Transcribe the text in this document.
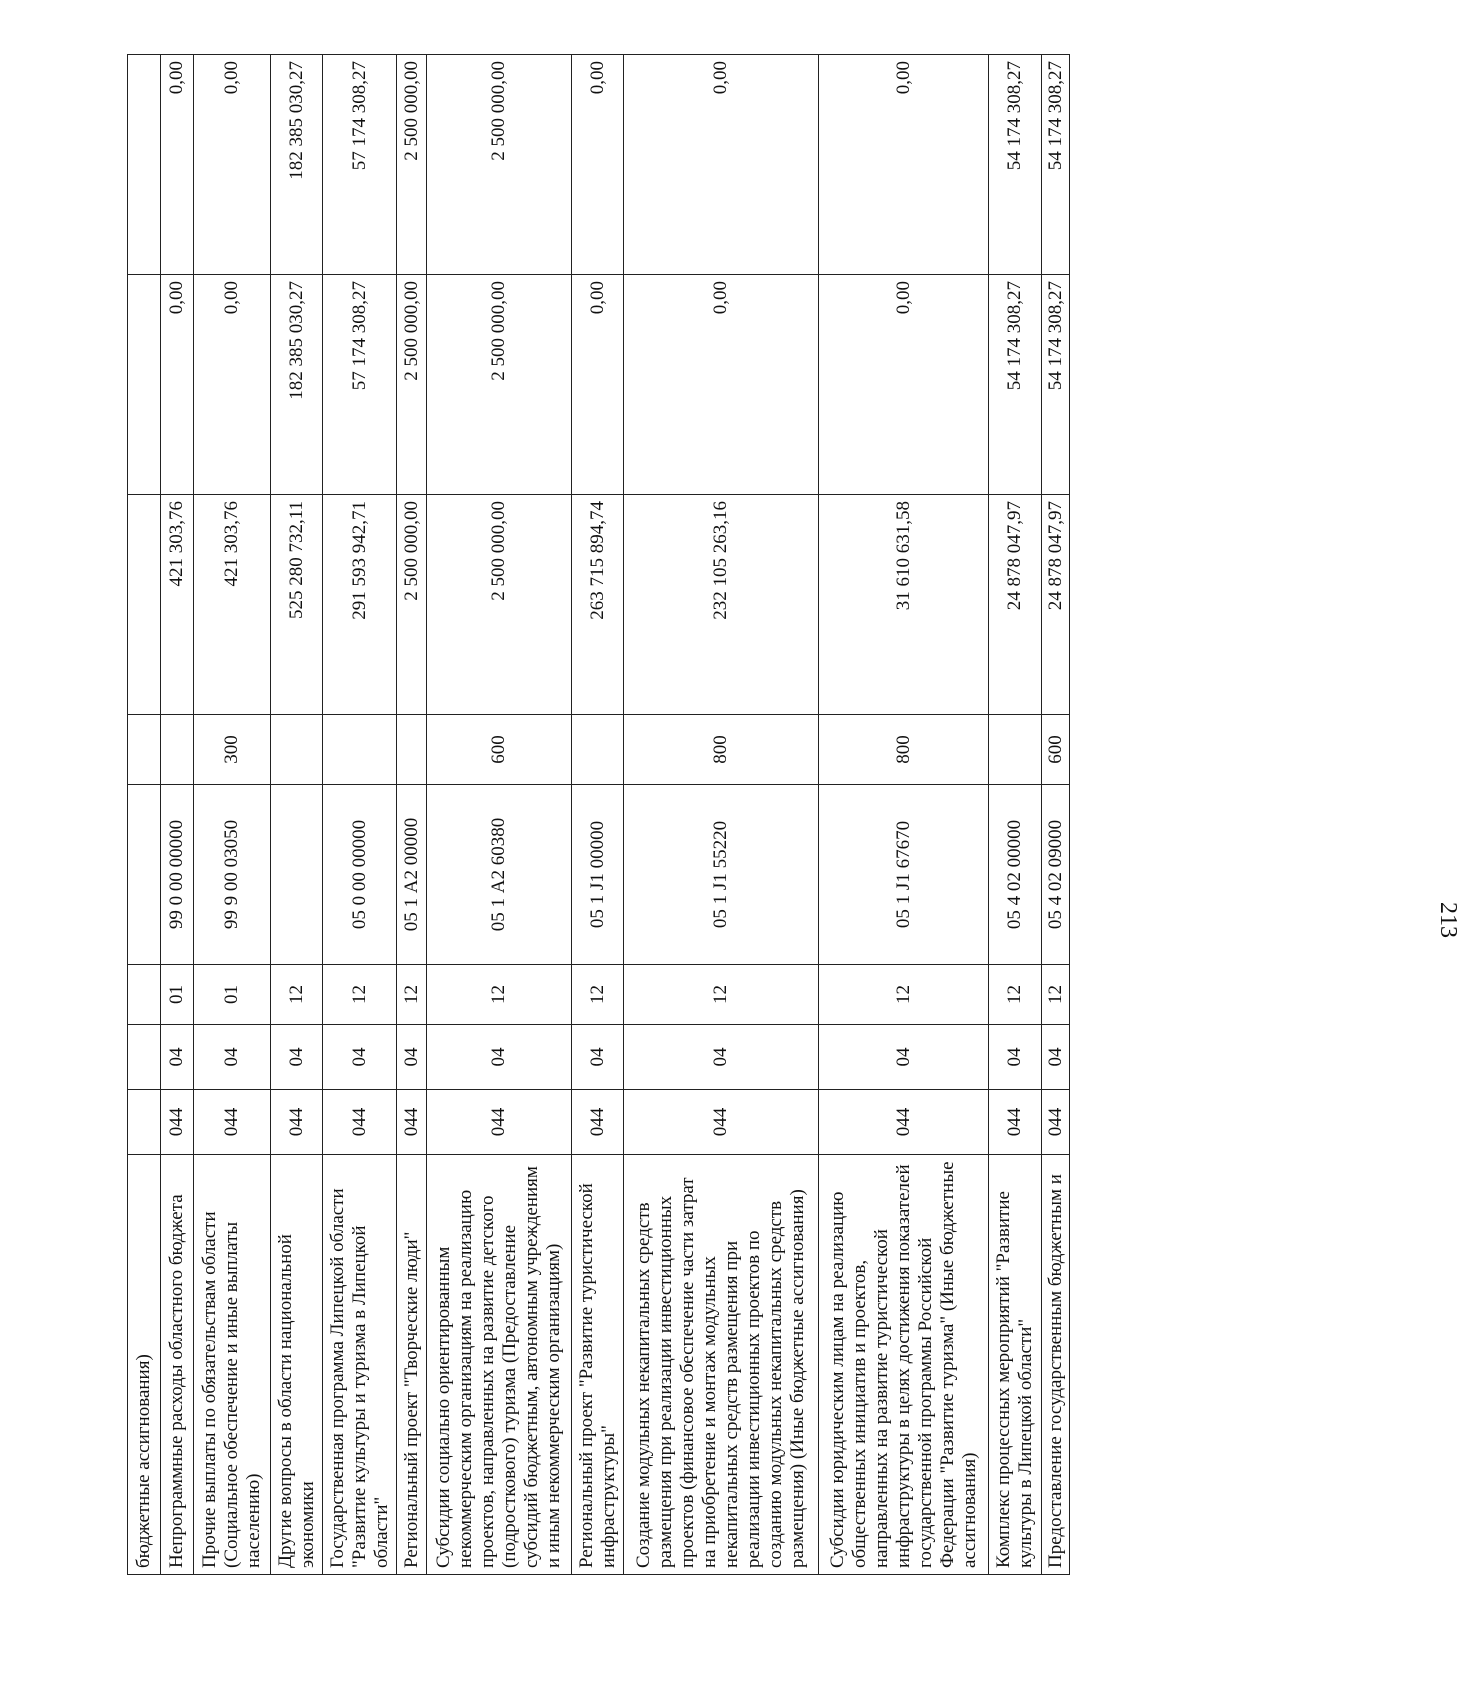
213
бюджетные ассигнования)								
Непрограммные расходы областного бюджета	044	04	01	99 0 00 00000		421 303,76	0,00	0,00
Прочие выплаты по обязательствам области (Социальное обеспечение и иные выплаты населению)	044	04	01	99 9 00 03050	300	421 303,76	0,00	0,00
Другие вопросы в области национальной экономики	044	04	12			525 280 732,11	182 385 030,27	182 385 030,27
Государственная программа Липецкой области "Развитие культуры и туризма в Липецкой области"	044	04	12	05 0 00 00000		291 593 942,71	57 174 308,27	57 174 308,27
Региональный проект "Творческие люди"	044	04	12	05 1 А2 00000		2 500 000,00	2 500 000,00	2 500 000,00
Субсидии социально ориентированным некоммерческим организациям на реализацию проектов, направленных на развитие детского (подросткового) туризма (Предоставление субсидий бюджетным, автономным учреждениям и иным некоммерческим организациям)	044	04	12	05 1 А2 60380	600	2 500 000,00	2 500 000,00	2 500 000,00
Региональный проект "Развитие туристической инфраструктуры"	044	04	12	05 1 J1 00000		263 715 894,74	0,00	0,00
Создание модульных некапитальных средств размещения при реализации инвестиционных проектов (финансовое обеспечение части затрат на приобретение и монтаж модульных некапитальных средств размещения при реализации инвестиционных проектов по созданию модульных некапитальных средств размещения) (Иные бюджетные ассигнования)	044	04	12	05 1 J1 55220	800	232 105 263,16	0,00	0,00
Субсидии юридическим лицам на реализацию общественных инициатив и проектов, направленных на развитие туристической инфраструктуры в целях достижения показателей государственной программы Российской Федерации "Развитие туризма" (Иные бюджетные ассигнования)	044	04	12	05 1 J1 67670	800	31 610 631,58	0,00	0,00
Комплекс процессных мероприятий "Развитие культуры в Липецкой области"	044	04	12	05 4 02 00000		24 878 047,97	54 174 308,27	54 174 308,27
Предоставление государственным бюджетным и	044	04	12	05 4 02 09000	600	24 878 047,97	54 174 308,27	54 174 308,27
